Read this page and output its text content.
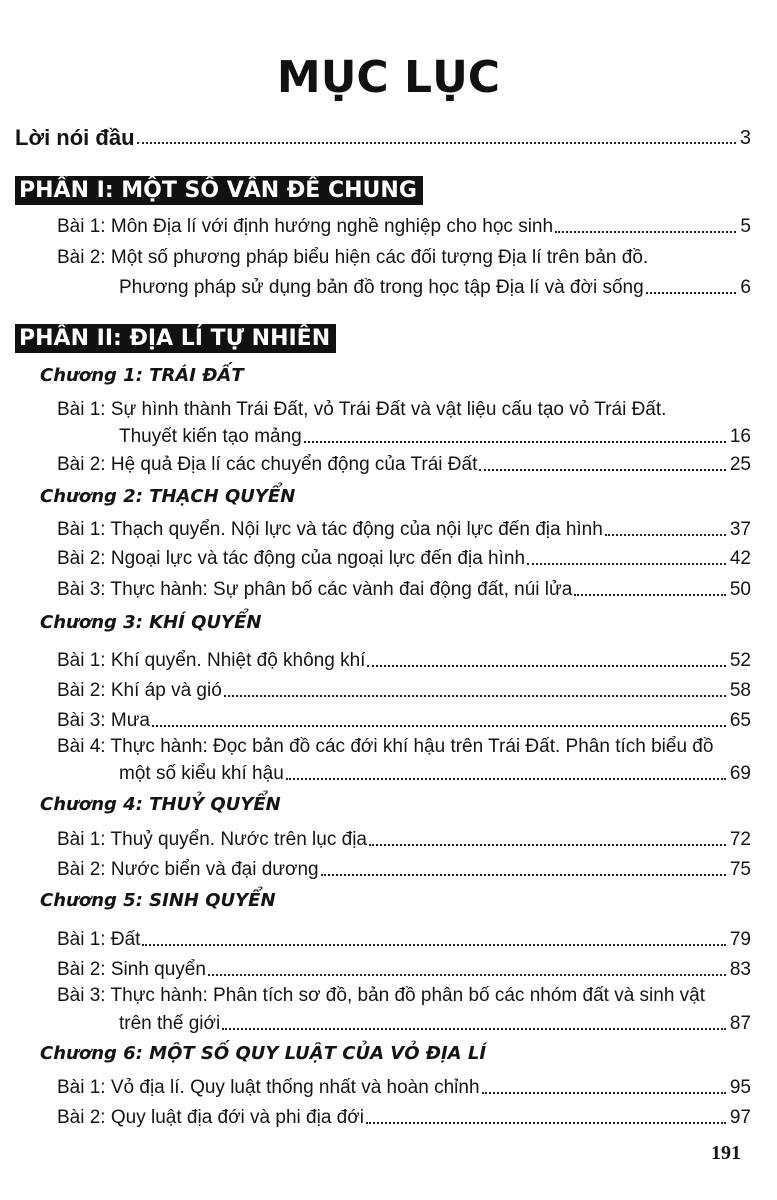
MỤC LỤC
Lời nói đầu	3
PHẦN I: MỘT SỐ VẤN ĐỀ CHUNG
Bài 1: Môn Địa lí với định hướng nghề nghiệp cho học sinh	5
Bài 2: Một số phương pháp biểu hiện các đối tượng Địa lí trên bản đồ.
Phương pháp sử dụng bản đồ trong học tập Địa lí và đời sống	6
PHẦN II: ĐỊA LÍ TỰ NHIÊN
Chương 1: TRÁI ĐẤT
Bài 1: Sự hình thành Trái Đất, vỏ Trái Đất và vật liệu cấu tạo vỏ Trái Đất.
Thuyết kiến tạo mảng	16
Bài 2: Hệ quả Địa lí các chuyển động của Trái Đất	25
Chương 2: THẠCH QUYỂN
Bài 1: Thạch quyển. Nội lực và tác động của nội lực đến địa hình	37
Bài 2: Ngoại lực và tác động của ngoại lực đến địa hình	42
Bài 3: Thực hành: Sự phân bố các vành đai động đất, núi lửa	50
Chương 3: KHÍ QUYỂN
Bài 1: Khí quyển. Nhiệt độ không khí	52
Bài 2: Khí áp và gió	58
Bài 3: Mưa	65
Bài 4: Thực hành: Đọc bản đồ các đới khí hậu trên Trái Đất. Phân tích biểu đồ
một số kiểu khí hậu	69
Chương 4: THUỶ QUYỂN
Bài 1: Thuỷ quyển. Nước trên lục địa	72
Bài 2: Nước biển và đại dương	75
Chương 5: SINH QUYỂN
Bài 1: Đất	79
Bài 2: Sinh quyển	83
Bài 3: Thực hành: Phân tích sơ đồ, bản đồ phân bố các nhóm đất và sinh vật
trên thế giới	87
Chương 6: MỘT SỐ QUY LUẬT CỦA VỎ ĐỊA LÍ
Bài 1: Vỏ địa lí. Quy luật thống nhất và hoàn chỉnh	95
Bài 2: Quy luật địa đới và phi địa đới	97
191
